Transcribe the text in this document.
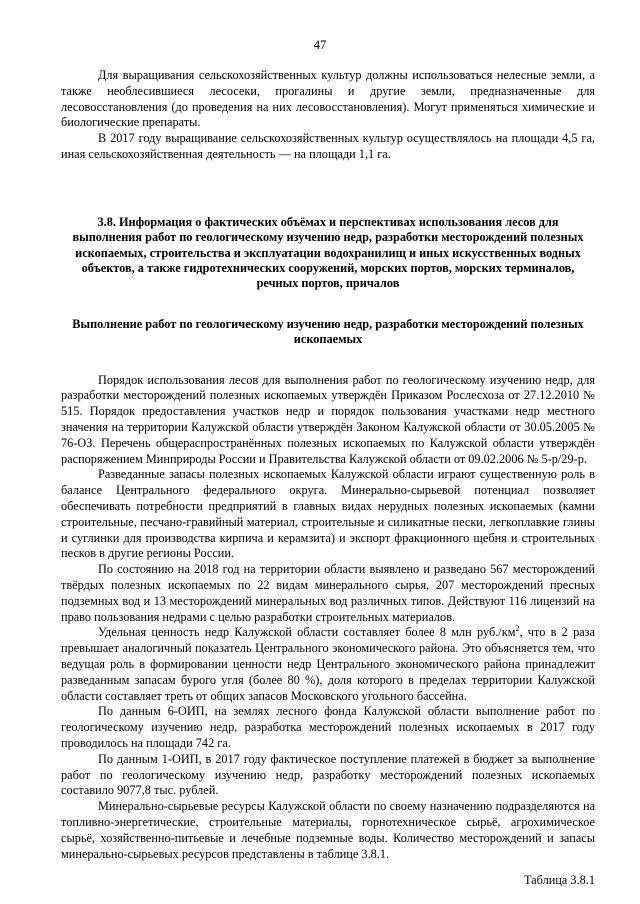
47

Для выращивания сельскохозяйственных культур должны использоваться нелесные земли, а также необлесившиеся лесосеки, прогалины и другие земли, предназначенные для лесовосстановления (до проведения на них лесовосстановления). Могут применяться химические и биологические препараты.

В 2017 году выращивание сельскохозяйственных культур осуществлялось на площади 4,5 га, иная сельскохозяйственная деятельность — на площади 1,1 га.

3.8. Информация о фактических объёмах и перспективах использования лесов для выполнения работ по геологическому изучению недр, разработки месторождений полезных ископаемых, строительства и эксплуатации водохранилищ и иных искусственных водных объектов, а также гидротехнических сооружений, морских портов, морских терминалов, речных портов, причалов
Выполнение работ по геологическому изучению недр, разработки месторождений полезных ископаемых

Порядок использования лесов для выполнения работ по геологическому изучению недр, для разработки месторождений полезных ископаемых утверждён Приказом Рослесхоза от 27.12.2010 № 515. Порядок предоставления участков недр и порядок пользования участками недр местного значения на территории Калужской области утверждён Законом Калужской области от 30.05.2005 № 76-ОЗ. Перечень общераспространённых полезных ископаемых по Калужской области утверждён распоряжением Минприроды России и Правительства Калужской области от 09.02.2006 № 5-р/29-р.

Разведанные запасы полезных ископаемых Калужской области играют существенную роль в балансе Центрального федерального округа. Минерально-сырьевой потенциал позволяет обеспечивать потребности предприятий в главных видах нерудных полезных ископаемых (камни строительные, песчано-гравийный материал, строительные и силикатные пески, легкоплавкие глины и суглинки для производства кирпича и керамзита) и экспорт фракционного щебня и строительных песков в другие регионы России.

По состоянию на 2018 год на территории области выявлено и разведано 567 месторождений твёрдых полезных ископаемых по 22 видам минерального сырья, 207 месторождений пресных подземных вод и 13 месторождений минеральных вод различных типов. Действуют 116 лицензий на право пользования недрами с целью разработки строительных материалов.

Удельная ценность недр Калужской области составляет более 8 млн $руб./км^2$, что в 2 раза превышает аналогичный показатель Центрального экономического района. Это объясняется тем, что ведущая роль в формировании ценности недр Центрального экономического района принадлежит разведанным запасам бурого угля (более 80 %), доля которого в пределах территории Калужской области составляет треть от общих запасов Московского угольного бассейна.

По данным 6-ОИП, на землях лесного фонда Калужской области выполнение работ по геологическому изучению недр, разработка месторождений полезных ископаемых в 2017 году проводилось на площади 742 га.

По данным 1-ОИП, в 2017 году фактическое поступление платежей в бюджет за выполнение работ по геологическому изучению недр, разработку месторождений полезных ископаемых составило 9077,8 тыс. рублей.

Минерально-сырьевые ресурсы Калужской области по своему назначению подразделяются на топливно-энергетические, строительные материалы, горнотехническое сырьё, агрохимическое сырьё, хозяйственно-питьевые и лечебные подземные воды. Количество месторождений и запасы минерально-сырьевых ресурсов представлены в таблице 3.8.1.

Таблица 3.8.1
